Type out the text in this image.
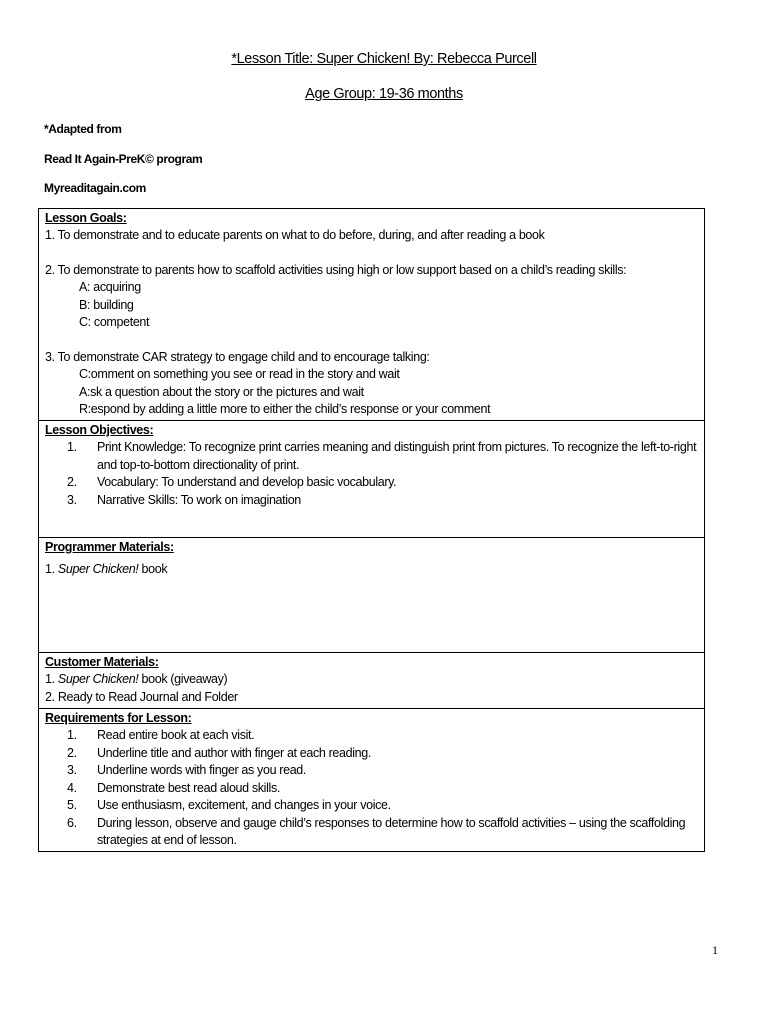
*Lesson Title: Super Chicken! By: Rebecca Purcell
Age Group: 19-36 months
*Adapted from
Read It Again-PreK© program
Myreaditagain.com
Lesson Goals:
1. To demonstrate and to educate parents on what to do before, during, and after reading a book
2. To demonstrate to parents how to scaffold activities using high or low support based on a child’s reading skills:
A: acquiring
B: building
C: competent
3. To demonstrate CAR strategy to engage child and to encourage talking:
C:omment on something you see or read in the story and wait
A:sk a question about the story or the pictures and wait
R:espond by adding a little more to either the child’s response or your comment

Lesson Objectives:
1.	Print Knowledge: To recognize print carries meaning and distinguish print from pictures. To recognize the left-to-right and top-to-bottom directionality of print.
2.	Vocabulary: To understand and develop basic vocabulary.
3.	Narrative Skills: To work on imagination

Programmer Materials:
1. Super Chicken! book

Customer Materials:
1. Super Chicken! book (giveaway)
2. Ready to Read Journal and Folder

Requirements for Lesson:
1.	Read entire book at each visit.
2.	Underline title and author with finger at each reading.
3.	Underline words with finger as you read.
4.	Demonstrate best read aloud skills.
5.	Use enthusiasm, excitement, and changes in your voice.
6.	During lesson, observe and gauge child’s responses to determine how to scaffold activities – using the scaffolding strategies at end of lesson.
1
